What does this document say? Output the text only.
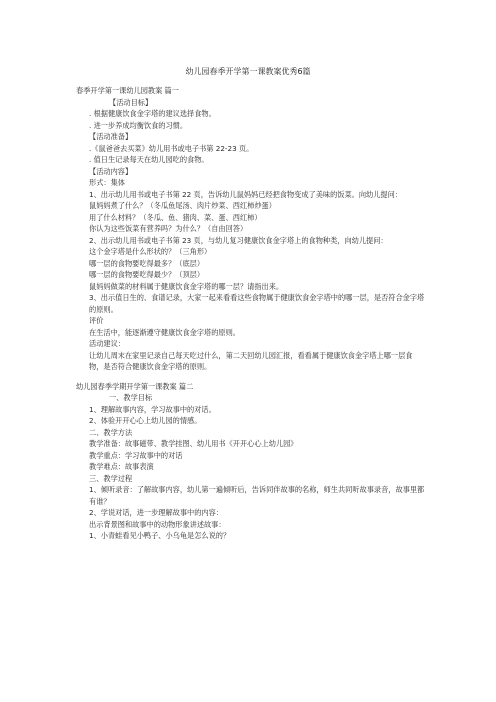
幼儿园春季开学第一课教案优秀6篇
春季开学第一课幼儿园教案 篇一
【活动目标】
. 根据健康饮食金字塔的建议选择食物。
. 进一步养成均衡饮食的习惯。
【活动准备】
.《鼠爸爸去买菜》幼儿用书或电子书第 22-23 页。
. 值日生记录每天在幼儿园吃的食物。
【活动内容】
形式：集体
1、出示幼儿用书或电子书第 22 页，告诉幼儿鼠妈妈已经把食物变成了美味的饭菜。向幼儿提问：
鼠妈妈煮了什么？（冬瓜鱼尾汤、肉片炒菜、西红柿炒蛋）
用了什么材料？（冬瓜、鱼、猪肉、菜、蛋、西红柿）
你认为这些饭菜有营养吗？为什么？（自由回答）
2、出示幼儿用书或电子书第 23 页，与幼儿复习健康饮食金字塔上的食物种类，向幼儿提问：
这个金字塔是什么形状的？（三角形）
哪一层的食物要吃得最多？（底层）
哪一层的食物要吃得最少？（顶层）
鼠妈妈做菜的材料属于健康饮食金字塔的哪一层？请指出来。
3、出示值日生的、食谱记录，大家一起来看看这些食物属于健康饮食金字塔中的哪一层，是否符合金字塔的原则。
评价
在生活中，能逐渐遵守健康饮食金字塔的原则。
活动建议：
让幼儿周末在家里记录自己每天吃过什么，第二天回幼儿园汇报，看看属于健康饮食金字塔上哪一层食物，是否符合健康饮食金字塔的原则。
幼儿园春季学期开学第一课教案 篇二
一、教学目标
1、理解故事内容，学习故事中的对话。
2、体验开开心心上幼儿园的情感。
二、教学方法
教学准备：故事磁带、教学挂图、幼儿用书《开开心心上幼儿园》
教学重点：学习故事中的对话
教学难点：故事表演
三、教学过程
1、倾听录音：了解故事内容，幼儿第一遍倾听后，告诉同伴故事的名称，师生共同听故事录音，故事里都有谁？
2、学说对话，进一步理解故事中的内容：
出示背景图和故事中的动物形象讲述故事：
1、小青蛙看见小鸭子、小乌龟是怎么说的？
